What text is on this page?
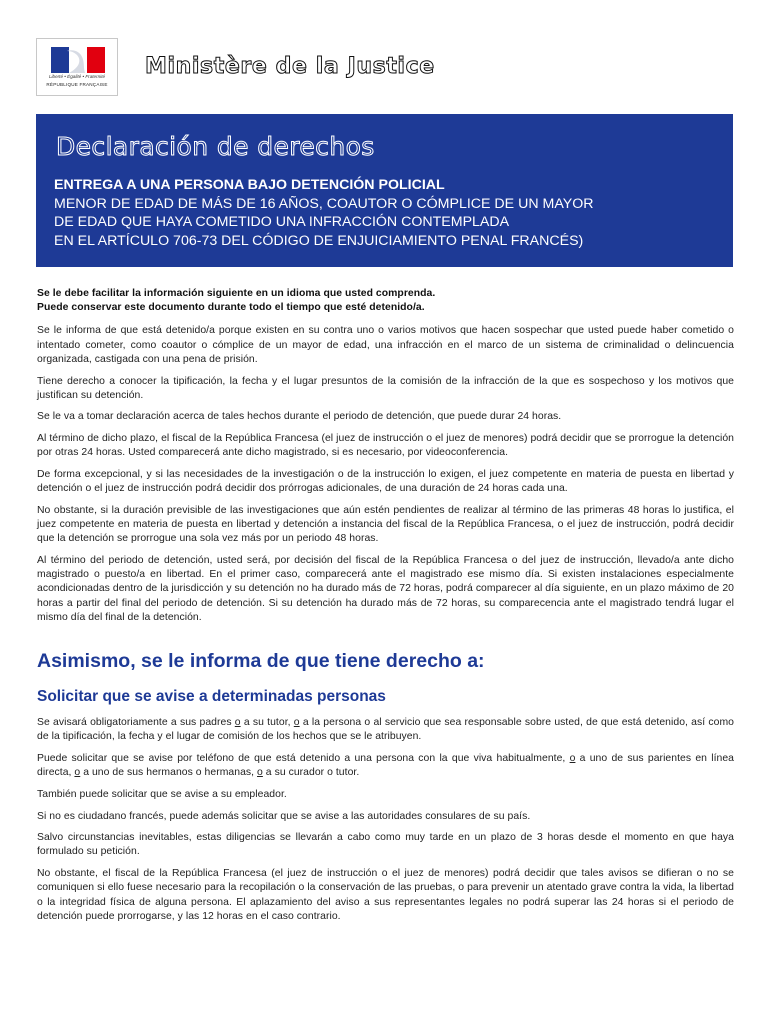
Liberté • Égalité • Fraternité
RÉPUBLIQUE FRANÇAISE
Ministère de la Justice
Declaración de derechos
ENTREGA A UNA PERSONA BAJO DETENCIÓN POLICIAL
MENOR DE EDAD DE MÁS DE 16 AÑOS, COAUTOR O CÓMPLICE DE UN MAYOR
DE EDAD QUE HAYA COMETIDO UNA INFRACCIÓN CONTEMPLADA
EN EL ARTÍCULO 706-73 DEL CÓDIGO DE ENJUICIAMIENTO PENAL FRANCÉS)
Se le debe facilitar la información siguiente en un idioma que usted comprenda.
Puede conservar este documento durante todo el tiempo que esté detenido/a.

Se le informa de que está detenido/a porque existen en su contra uno o varios motivos que hacen sospechar que usted puede haber cometido o intentado cometer, como coautor o cómplice de un mayor de edad, una infracción en el marco de un sistema de criminalidad o delincuencia organizada, castigada con una pena de prisión.

Tiene derecho a conocer la tipificación, la fecha y el lugar presuntos de la comisión de la infracción de la que es sospechoso y los motivos que justifican su detención.

Se le va a tomar declaración acerca de tales hechos durante el periodo de detención, que puede durar 24 horas.

Al término de dicho plazo, el fiscal de la República Francesa (el juez de instrucción o el juez de menores) podrá decidir que se prorrogue la detención por otras 24 horas. Usted comparecerá ante dicho magistrado, si es necesario, por videoconferencia.

De forma excepcional, y si las necesidades de la investigación o de la instrucción lo exigen, el juez competente en materia de puesta en libertad y detención o el juez de instrucción podrá decidir dos prórrogas adicionales, de una duración de 24 horas cada una.

No obstante, si la duración previsible de las investigaciones que aún estén pendientes de realizar al término de las primeras 48 horas lo justifica, el juez competente en materia de puesta en libertad y detención a instancia del fiscal de la República Francesa, o el juez de instrucción, podrá decidir que la detención se prorrogue una sola vez más por un periodo 48 horas.

Al término del periodo de detención, usted será, por decisión del fiscal de la República Francesa o del juez de instrucción, llevado/a ante dicho magistrado o puesto/a en libertad. En el primer caso, comparecerá ante el magistrado ese mismo día. Si existen instalaciones especialmente acondicionadas dentro de la jurisdicción y su detención no ha durado más de 72 horas, podrá comparecer al día siguiente, en un plazo máximo de 20 horas a partir del final del periodo de detención. Si su detención ha durado más de 72 horas, su comparecencia ante el magistrado tendrá lugar el mismo día del final de la detención.

Asimismo, se le informa de que tiene derecho a:
Solicitar que se avise a determinadas personas

Se avisará obligatoriamente a sus padres o a su tutor, o a la persona o al servicio que sea responsable sobre usted, de que está detenido, así como de la tipificación, la fecha y el lugar de comisión de los hechos que se le atribuyen.

Puede solicitar que se avise por teléfono de que está detenido a una persona con la que viva habitualmente, o a uno de sus parientes en línea directa, o a uno de sus hermanos o hermanas, o a su curador o tutor.

También puede solicitar que se avise a su empleador.

Si no es ciudadano francés, puede además solicitar que se avise a las autoridades consulares de su país.

Salvo circunstancias inevitables, estas diligencias se llevarán a cabo como muy tarde en un plazo de 3 horas desde el momento en que haya formulado su petición.

No obstante, el fiscal de la República Francesa (el juez de instrucción o el juez de menores) podrá decidir que tales avisos se difieran o no se comuniquen si ello fuese necesario para la recopilación o la conservación de las pruebas, o para prevenir un atentado grave contra la vida, la libertad o la integridad física de alguna persona. El aplazamiento del aviso a sus representantes legales no podrá superar las 24 horas si el periodo de detención puede prorrogarse, y las 12 horas en el caso contrario.
